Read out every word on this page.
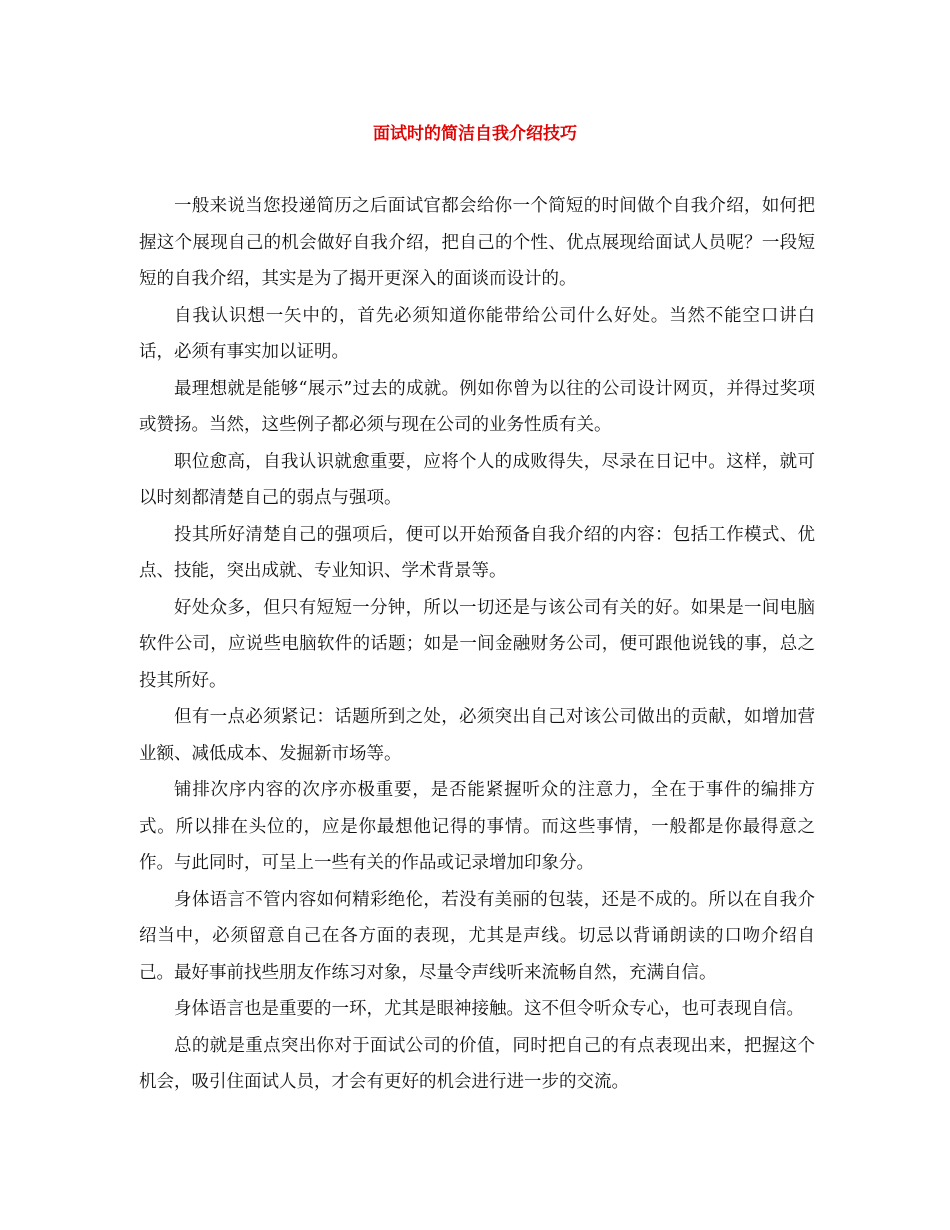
面试时的简洁自我介绍技巧

一般来说当您投递简历之后面试官都会给你一个简短的时间做个自我介绍，如何把握这个展现自己的机会做好自我介绍，把自己的个性、优点展现给面试人员呢？一段短短的自我介绍，其实是为了揭开更深入的面谈而设计的。

自我认识想一矢中的，首先必须知道你能带给公司什么好处。当然不能空口讲白话，必须有事实加以证明。

最理想就是能够“展示”过去的成就。例如你曾为以往的公司设计网页，并得过奖项或赞扬。当然，这些例子都必须与现在公司的业务性质有关。

职位愈高，自我认识就愈重要，应将个人的成败得失，尽录在日记中。这样，就可以时刻都清楚自己的弱点与强项。

投其所好清楚自己的强项后，便可以开始预备自我介绍的内容：包括工作模式、优点、技能，突出成就、专业知识、学术背景等。

好处众多，但只有短短一分钟，所以一切还是与该公司有关的好。如果是一间电脑软件公司，应说些电脑软件的话题；如是一间金融财务公司，便可跟他说钱的事，总之投其所好。

但有一点必须紧记：话题所到之处，必须突出自己对该公司做出的贡献，如增加营业额、减低成本、发掘新市场等。

铺排次序内容的次序亦极重要，是否能紧握听众的注意力，全在于事件的编排方式。所以排在头位的，应是你最想他记得的事情。而这些事情，一般都是你最得意之作。与此同时，可呈上一些有关的作品或记录增加印象分。

身体语言不管内容如何精彩绝伦，若没有美丽的包装，还是不成的。所以在自我介绍当中，必须留意自己在各方面的表现，尤其是声线。切忌以背诵朗读的口吻介绍自己。最好事前找些朋友作练习对象，尽量令声线听来流畅自然，充满自信。

身体语言也是重要的一环，尤其是眼神接触。这不但令听众专心，也可表现自信。

总的就是重点突出你对于面试公司的价值，同时把自己的有点表现出来，把握这个机会，吸引住面试人员，才会有更好的机会进行进一步的交流。
